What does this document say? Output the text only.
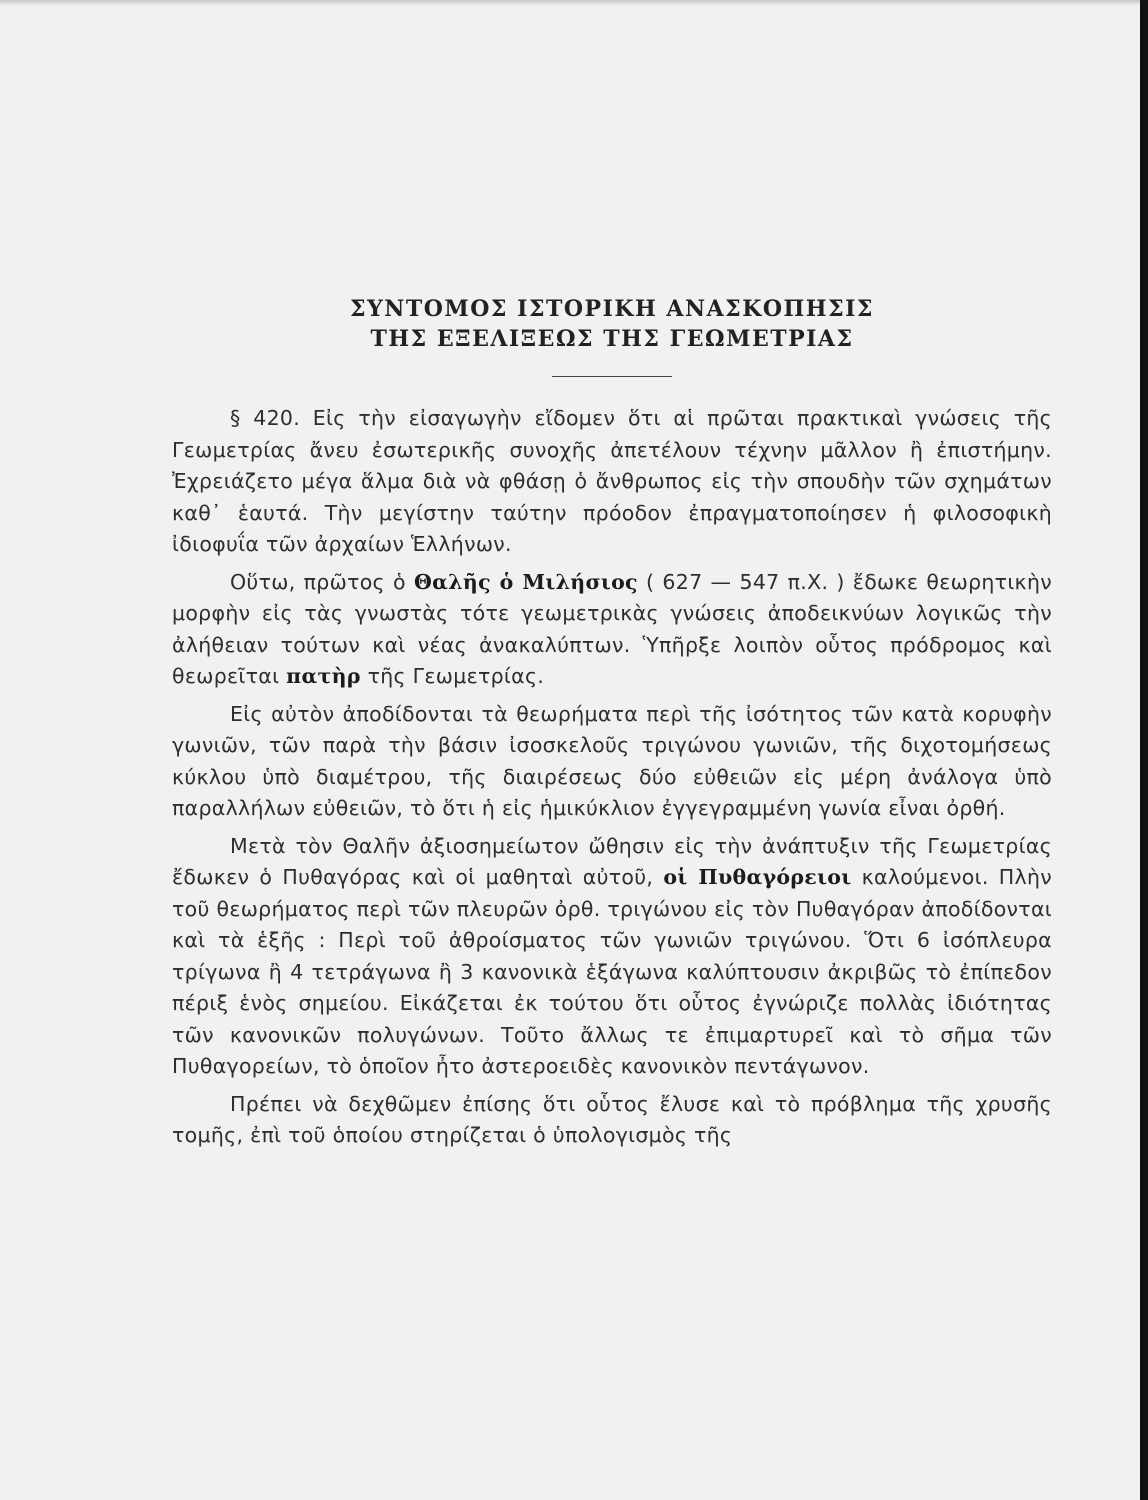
ΣΥΝΤΟΜΟΣ ΙΣΤΟΡΙΚΗ ΑΝΑΣΚΟΠΗΣΙΣ
ΤΗΣ ΕΞΕΛΙΞΕΩΣ ΤΗΣ ΓΕΩΜΕΤΡΙΑΣ

§ 420. Εἰς τὴν εἰσαγωγὴν εἴδομεν ὅτι αἱ πρῶται πρακτικαὶ γνώσεις τῆς Γεωμετρίας ἄνευ ἐσωτερικῆς συνοχῆς ἀπετέλουν τέχνην μᾶλλον ἢ ἐπιστήμην. Ἐχρειάζετο μέγα ἅλμα διὰ νὰ φθάσῃ ὁ ἄνθρωπος εἰς τὴν σπουδὴν τῶν σχημάτων καθ᾽ ἑαυτά. Τὴν μεγίστην ταύτην πρόοδον ἐπραγματοποίησεν ἡ φιλοσοφικὴ ἰδιοφυΐα τῶν ἀρχαίων Ἑλλήνων.

Οὕτω, πρῶτος ὁ Θαλῆς ὁ Μιλήσιος ( 627 — 547 π.Χ. ) ἔδωκε θεωρητικὴν μορφὴν εἰς τὰς γνωστὰς τότε γεωμετρικὰς γνώσεις ἀποδεικνύων λογικῶς τὴν ἀλήθειαν τούτων καὶ νέας ἀνακαλύπτων. Ὑπῆρξε λοιπὸν οὗτος πρόδρομος καὶ θεωρεῖται πατὴρ τῆς Γεωμετρίας.

Εἰς αὐτὸν ἀποδίδονται τὰ θεωρήματα περὶ τῆς ἰσότητος τῶν κατὰ κορυφὴν γωνιῶν, τῶν παρὰ τὴν βάσιν ἰσοσκελοῦς τριγώνου γωνιῶν, τῆς διχοτομήσεως κύκλου ὑπὸ διαμέτρου, τῆς διαιρέσεως δύο εὐθειῶν εἰς μέρη ἀνάλογα ὑπὸ παραλλήλων εὐθειῶν, τὸ ὅτι ἡ εἰς ἡμικύκλιον ἐγγεγραμμένη γωνία εἶναι ὀρθή.

Μετὰ τὸν Θαλῆν ἀξιοσημείωτον ὤθησιν εἰς τὴν ἀνάπτυξιν τῆς Γεωμετρίας ἔδωκεν ὁ Πυθαγόρας καὶ οἱ μαθηταὶ αὐτοῦ, οἱ Πυθαγόρειοι καλούμενοι. Πλὴν τοῦ θεωρήματος περὶ τῶν πλευρῶν ὀρθ. τριγώνου εἰς τὸν Πυθαγόραν ἀποδίδονται καὶ τὰ ἑξῆς : Περὶ τοῦ ἀθροίσματος τῶν γωνιῶν τριγώνου. Ὅτι 6 ἰσόπλευρα τρίγωνα ἢ 4 τετράγωνα ἢ 3 κανονικὰ ἑξάγωνα καλύπτουσιν ἀκριβῶς τὸ ἐπίπεδον πέριξ ἑνὸς σημείου. Εἰκάζεται ἐκ τούτου ὅτι οὗτος ἐγνώριζε πολλὰς ἰδιότητας τῶν κανονικῶν πολυγώνων. Τοῦτο ἄλλως τε ἐπιμαρτυρεῖ καὶ τὸ σῆμα τῶν Πυθαγορείων, τὸ ὁποῖον ἦτο ἀστεροειδὲς κανονικὸν πεντάγωνον.

Πρέπει νὰ δεχθῶμεν ἐπίσης ὅτι οὗτος ἔλυσε καὶ τὸ πρόβλημα τῆς χρυσῆς τομῆς, ἐπὶ τοῦ ὁποίου στηρίζεται ὁ ὑπολογισμὸς τῆς
